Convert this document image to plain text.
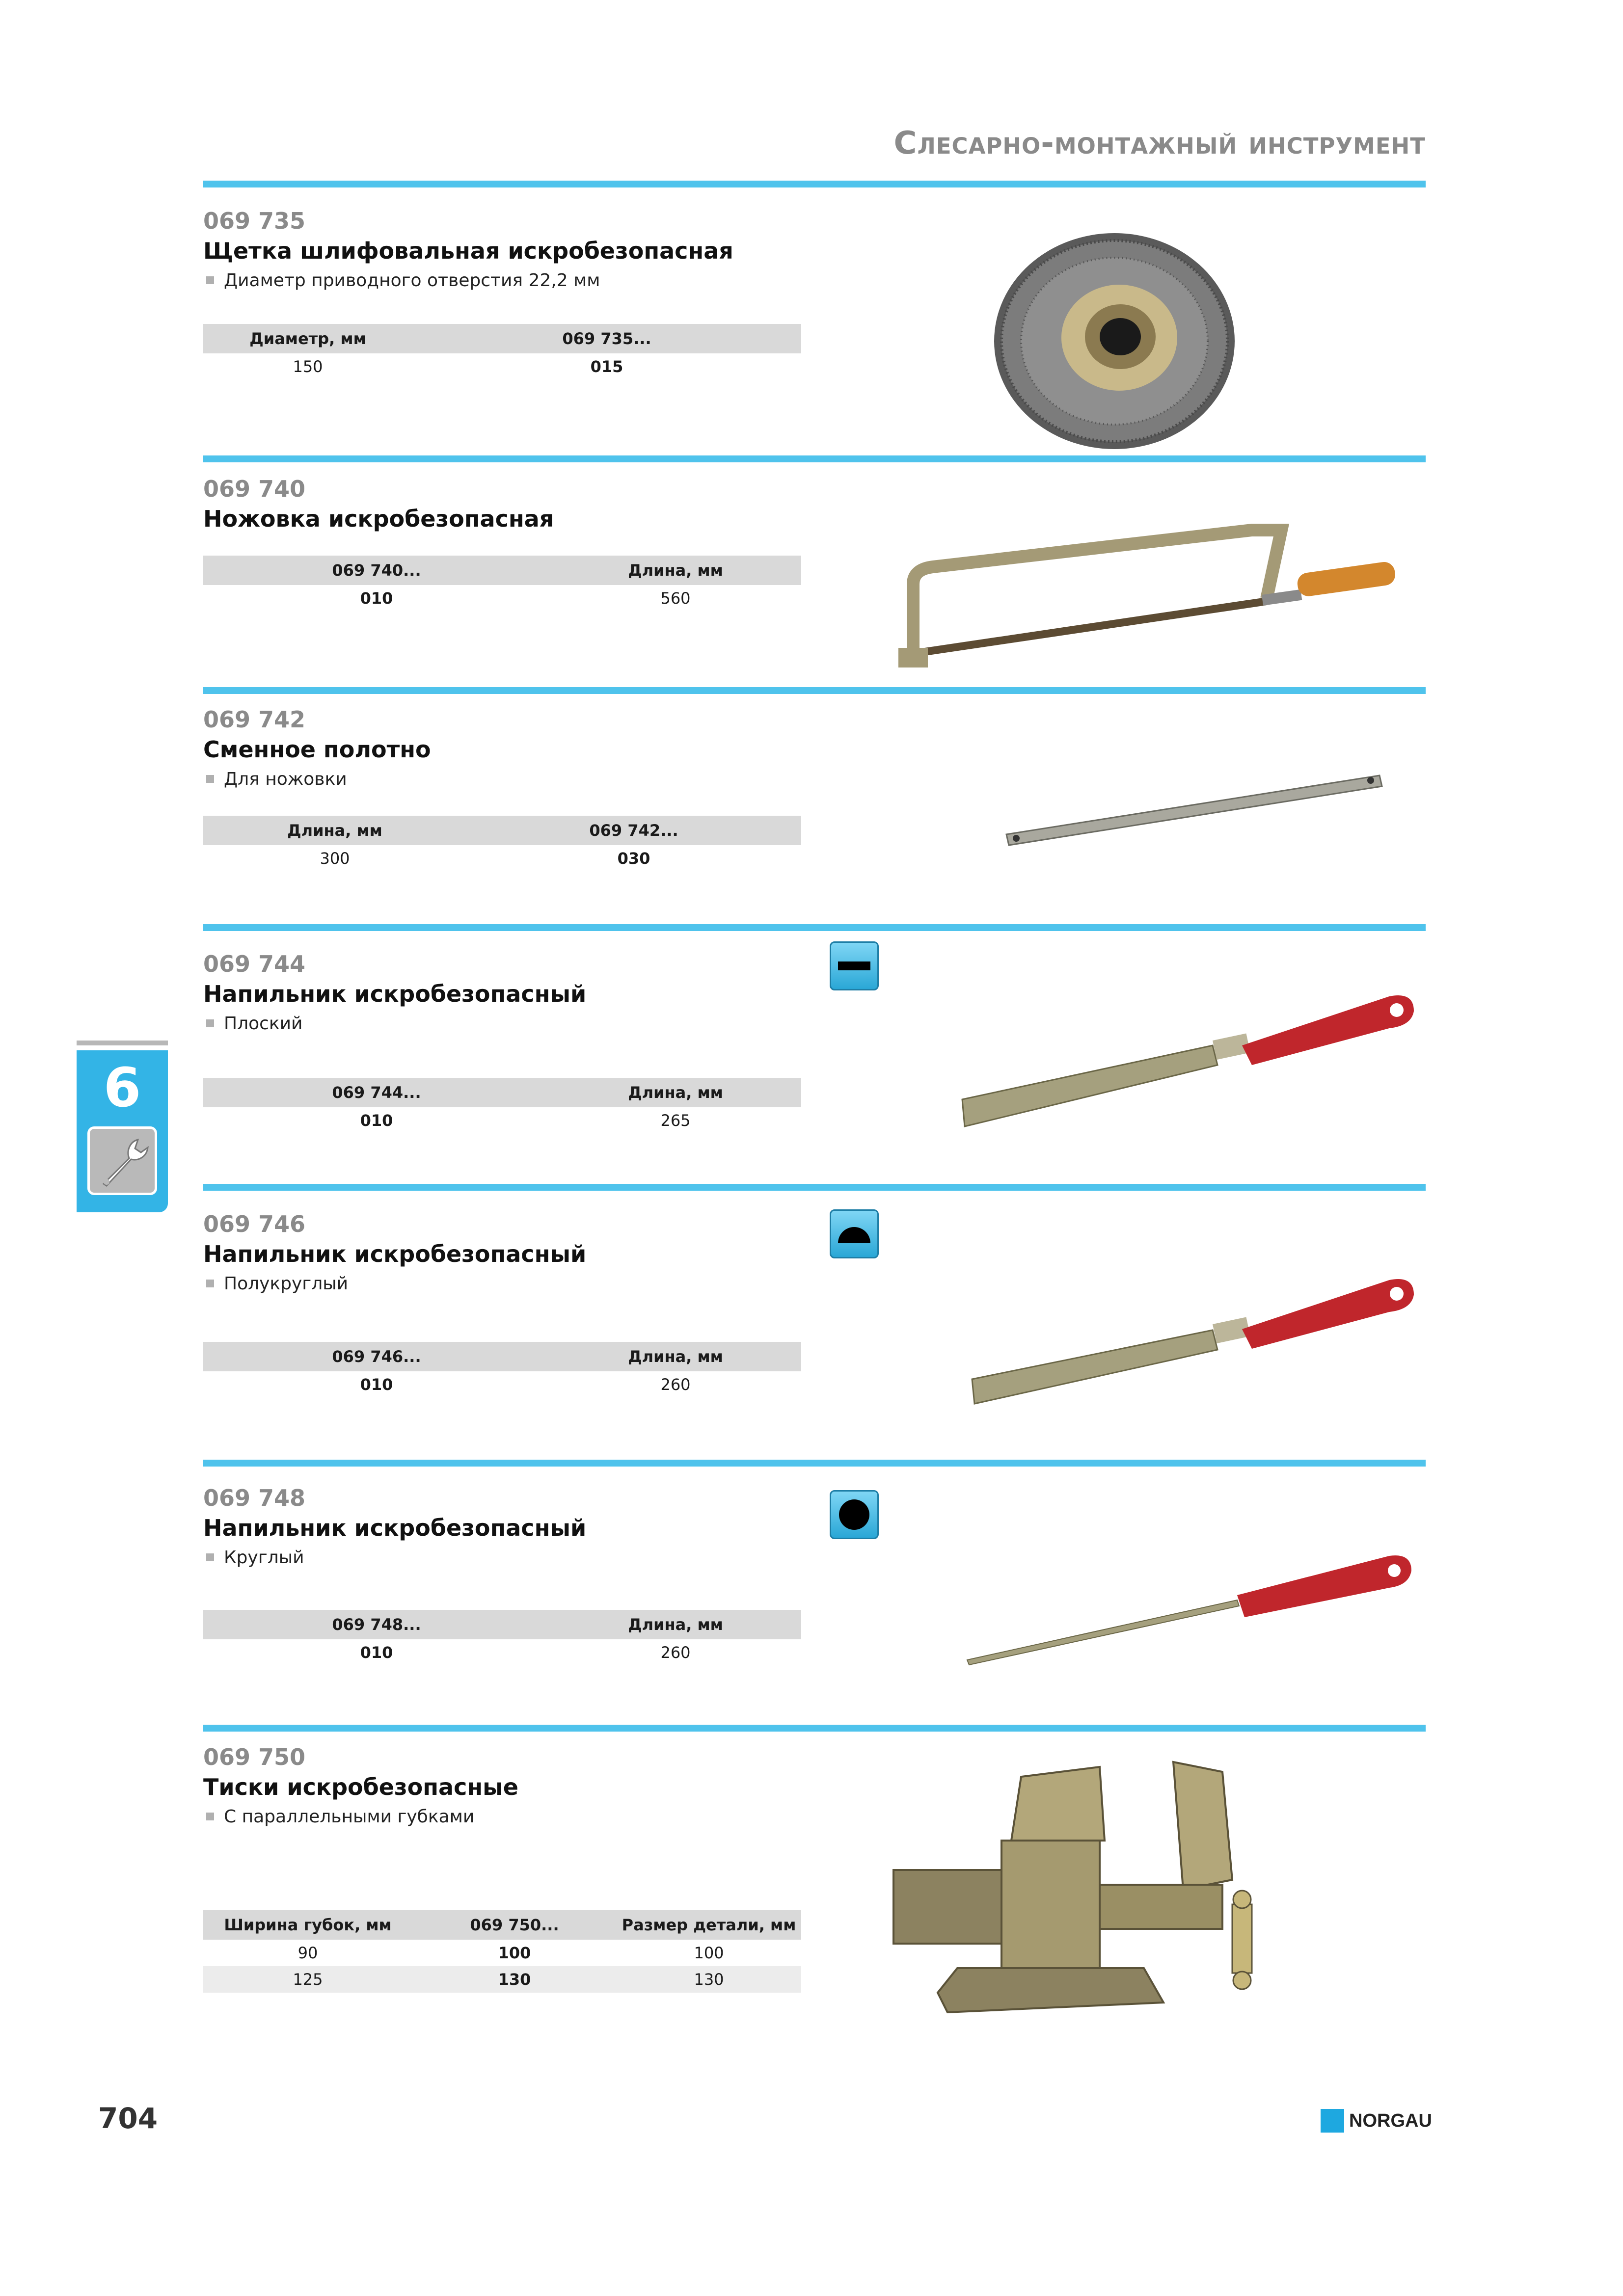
Слесарно-монтажный инструмент
6
069 735
Щетка шлифовальная искробезопасная
Диаметр приводного отверстия 22,2 мм
Диаметр, мм	069 735...
150	015
069 740
Ножовка искробезопасная
069 740...	Длина, мм
010	560
069 742
Сменное полотно
Для ножовки
Длина, мм	069 742...
300	030
069 744
Напильник искробезопасный
Плоский
069 744...	Длина, мм
010	265
069 746
Напильник искробезопасный
Полукруглый
069 746...	Длина, мм
010	260
069 748
Напильник искробезопасный
Круглый
069 748...	Длина, мм
010	260
069 750
Тиски искробезопасные
С параллельными губками
Ширина губок, мм	069 750...	Размер детали, мм
90	100	100
125	130	130
704	NORGAU
